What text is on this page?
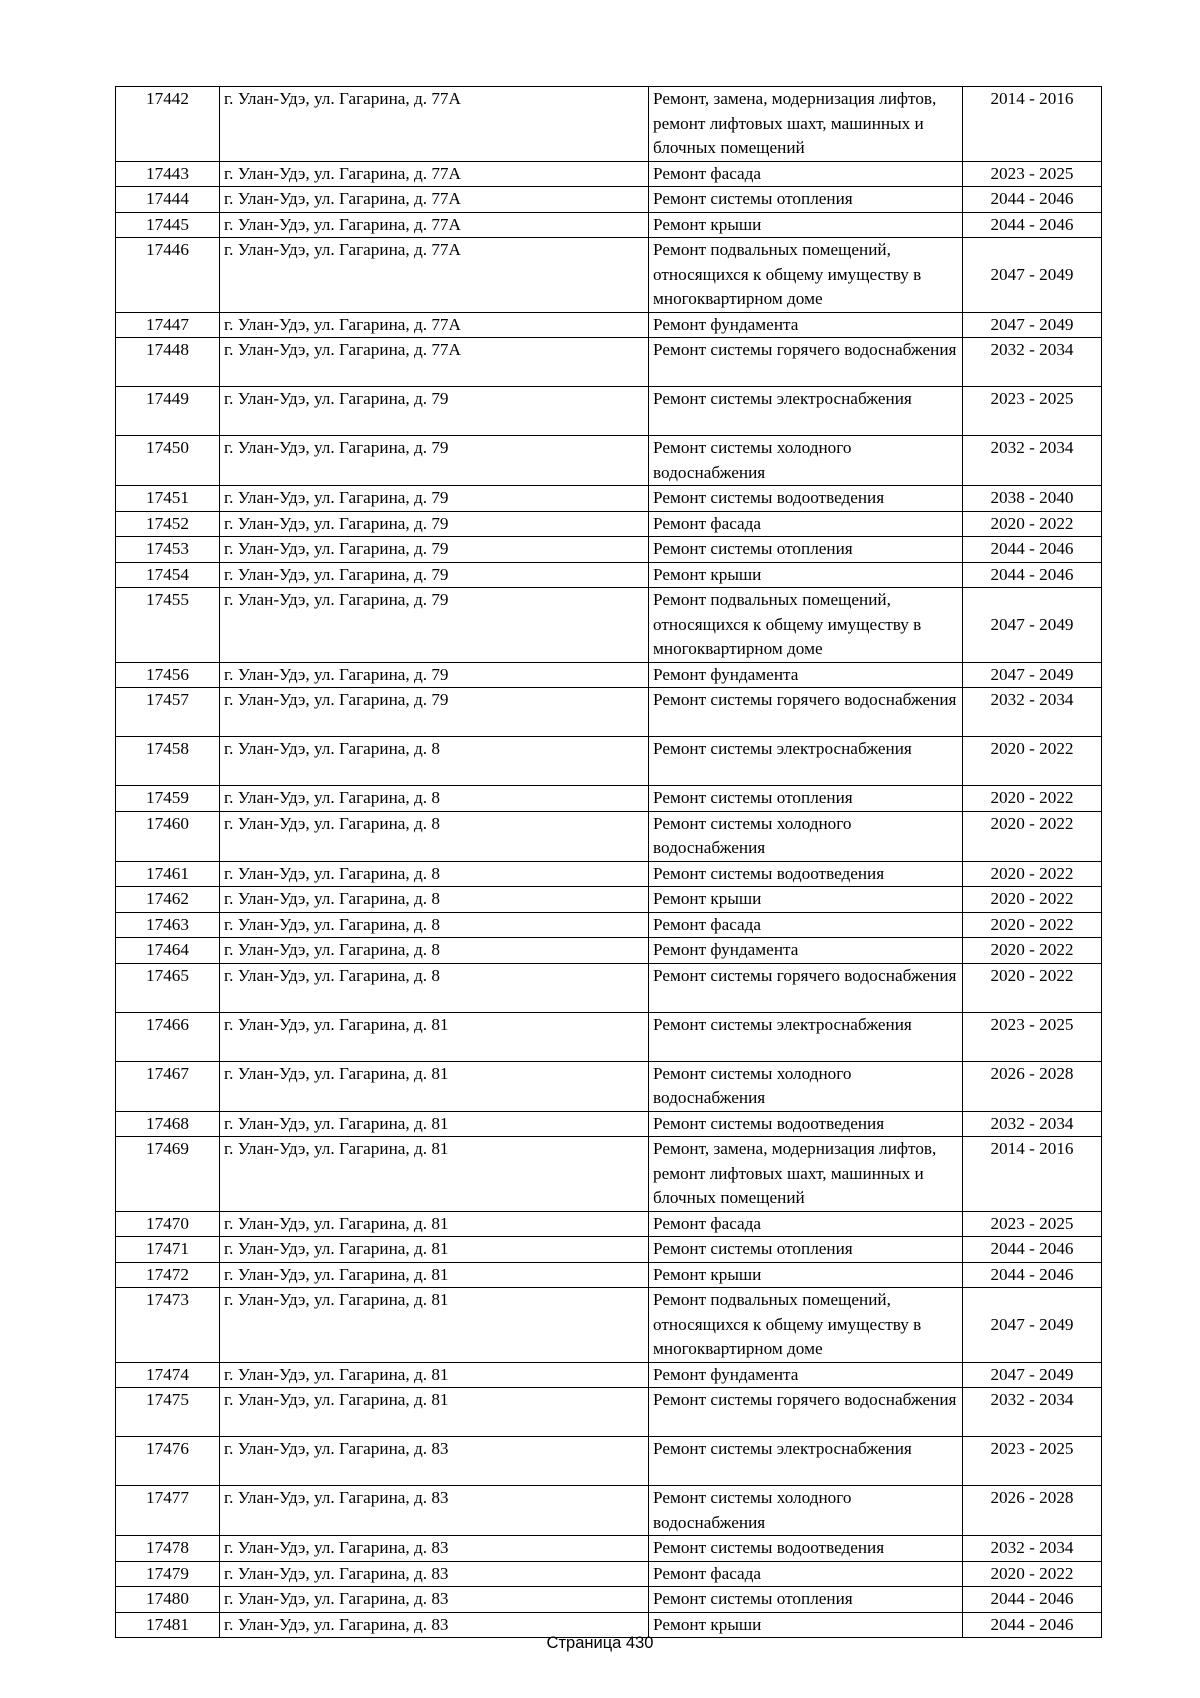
17442	г. Улан-Удэ, ул. Гагарина, д. 77А	Ремонт, замена, модернизация лифтов, ремонт лифтовых шахт, машинных и блочных помещений	2014 - 2016
17443	г. Улан-Удэ, ул. Гагарина, д. 77А	Ремонт фасада	2023 - 2025
17444	г. Улан-Удэ, ул. Гагарина, д. 77А	Ремонт системы отопления	2044 - 2046
17445	г. Улан-Удэ, ул. Гагарина, д. 77А	Ремонт крыши	2044 - 2046
17446	г. Улан-Удэ, ул. Гагарина, д. 77А	Ремонт подвальных помещений, относящихся к общему имуществу в многоквартирном доме	2047 - 2049
17447	г. Улан-Удэ, ул. Гагарина, д. 77А	Ремонт фундамента	2047 - 2049
17448	г. Улан-Удэ, ул. Гагарина, д. 77А	Ремонт системы горячего водоснабжения	2032 - 2034
17449	г. Улан-Удэ, ул. Гагарина, д. 79	Ремонт системы электроснабжения	2023 - 2025
17450	г. Улан-Удэ, ул. Гагарина, д. 79	Ремонт системы холодного водоснабжения	2032 - 2034
17451	г. Улан-Удэ, ул. Гагарина, д. 79	Ремонт системы водоотведения	2038 - 2040
17452	г. Улан-Удэ, ул. Гагарина, д. 79	Ремонт фасада	2020 - 2022
17453	г. Улан-Удэ, ул. Гагарина, д. 79	Ремонт системы отопления	2044 - 2046
17454	г. Улан-Удэ, ул. Гагарина, д. 79	Ремонт крыши	2044 - 2046
17455	г. Улан-Удэ, ул. Гагарина, д. 79	Ремонт подвальных помещений, относящихся к общему имуществу в многоквартирном доме	2047 - 2049
17456	г. Улан-Удэ, ул. Гагарина, д. 79	Ремонт фундамента	2047 - 2049
17457	г. Улан-Удэ, ул. Гагарина, д. 79	Ремонт системы горячего водоснабжения	2032 - 2034
17458	г. Улан-Удэ, ул. Гагарина, д. 8	Ремонт системы электроснабжения	2020 - 2022
17459	г. Улан-Удэ, ул. Гагарина, д. 8	Ремонт системы отопления	2020 - 2022
17460	г. Улан-Удэ, ул. Гагарина, д. 8	Ремонт системы холодного водоснабжения	2020 - 2022
17461	г. Улан-Удэ, ул. Гагарина, д. 8	Ремонт системы водоотведения	2020 - 2022
17462	г. Улан-Удэ, ул. Гагарина, д. 8	Ремонт крыши	2020 - 2022
17463	г. Улан-Удэ, ул. Гагарина, д. 8	Ремонт фасада	2020 - 2022
17464	г. Улан-Удэ, ул. Гагарина, д. 8	Ремонт фундамента	2020 - 2022
17465	г. Улан-Удэ, ул. Гагарина, д. 8	Ремонт системы горячего водоснабжения	2020 - 2022
17466	г. Улан-Удэ, ул. Гагарина, д. 81	Ремонт системы электроснабжения	2023 - 2025
17467	г. Улан-Удэ, ул. Гагарина, д. 81	Ремонт системы холодного водоснабжения	2026 - 2028
17468	г. Улан-Удэ, ул. Гагарина, д. 81	Ремонт системы водоотведения	2032 - 2034
17469	г. Улан-Удэ, ул. Гагарина, д. 81	Ремонт, замена, модернизация лифтов, ремонт лифтовых шахт, машинных и блочных помещений	2014 - 2016
17470	г. Улан-Удэ, ул. Гагарина, д. 81	Ремонт фасада	2023 - 2025
17471	г. Улан-Удэ, ул. Гагарина, д. 81	Ремонт системы отопления	2044 - 2046
17472	г. Улан-Удэ, ул. Гагарина, д. 81	Ремонт крыши	2044 - 2046
17473	г. Улан-Удэ, ул. Гагарина, д. 81	Ремонт подвальных помещений, относящихся к общему имуществу в многоквартирном доме	2047 - 2049
17474	г. Улан-Удэ, ул. Гагарина, д. 81	Ремонт фундамента	2047 - 2049
17475	г. Улан-Удэ, ул. Гагарина, д. 81	Ремонт системы горячего водоснабжения	2032 - 2034
17476	г. Улан-Удэ, ул. Гагарина, д. 83	Ремонт системы электроснабжения	2023 - 2025
17477	г. Улан-Удэ, ул. Гагарина, д. 83	Ремонт системы холодного водоснабжения	2026 - 2028
17478	г. Улан-Удэ, ул. Гагарина, д. 83	Ремонт системы водоотведения	2032 - 2034
17479	г. Улан-Удэ, ул. Гагарина, д. 83	Ремонт фасада	2020 - 2022
17480	г. Улан-Удэ, ул. Гагарина, д. 83	Ремонт системы отопления	2044 - 2046
17481	г. Улан-Удэ, ул. Гагарина, д. 83	Ремонт крыши	2044 - 2046
Страница 430
